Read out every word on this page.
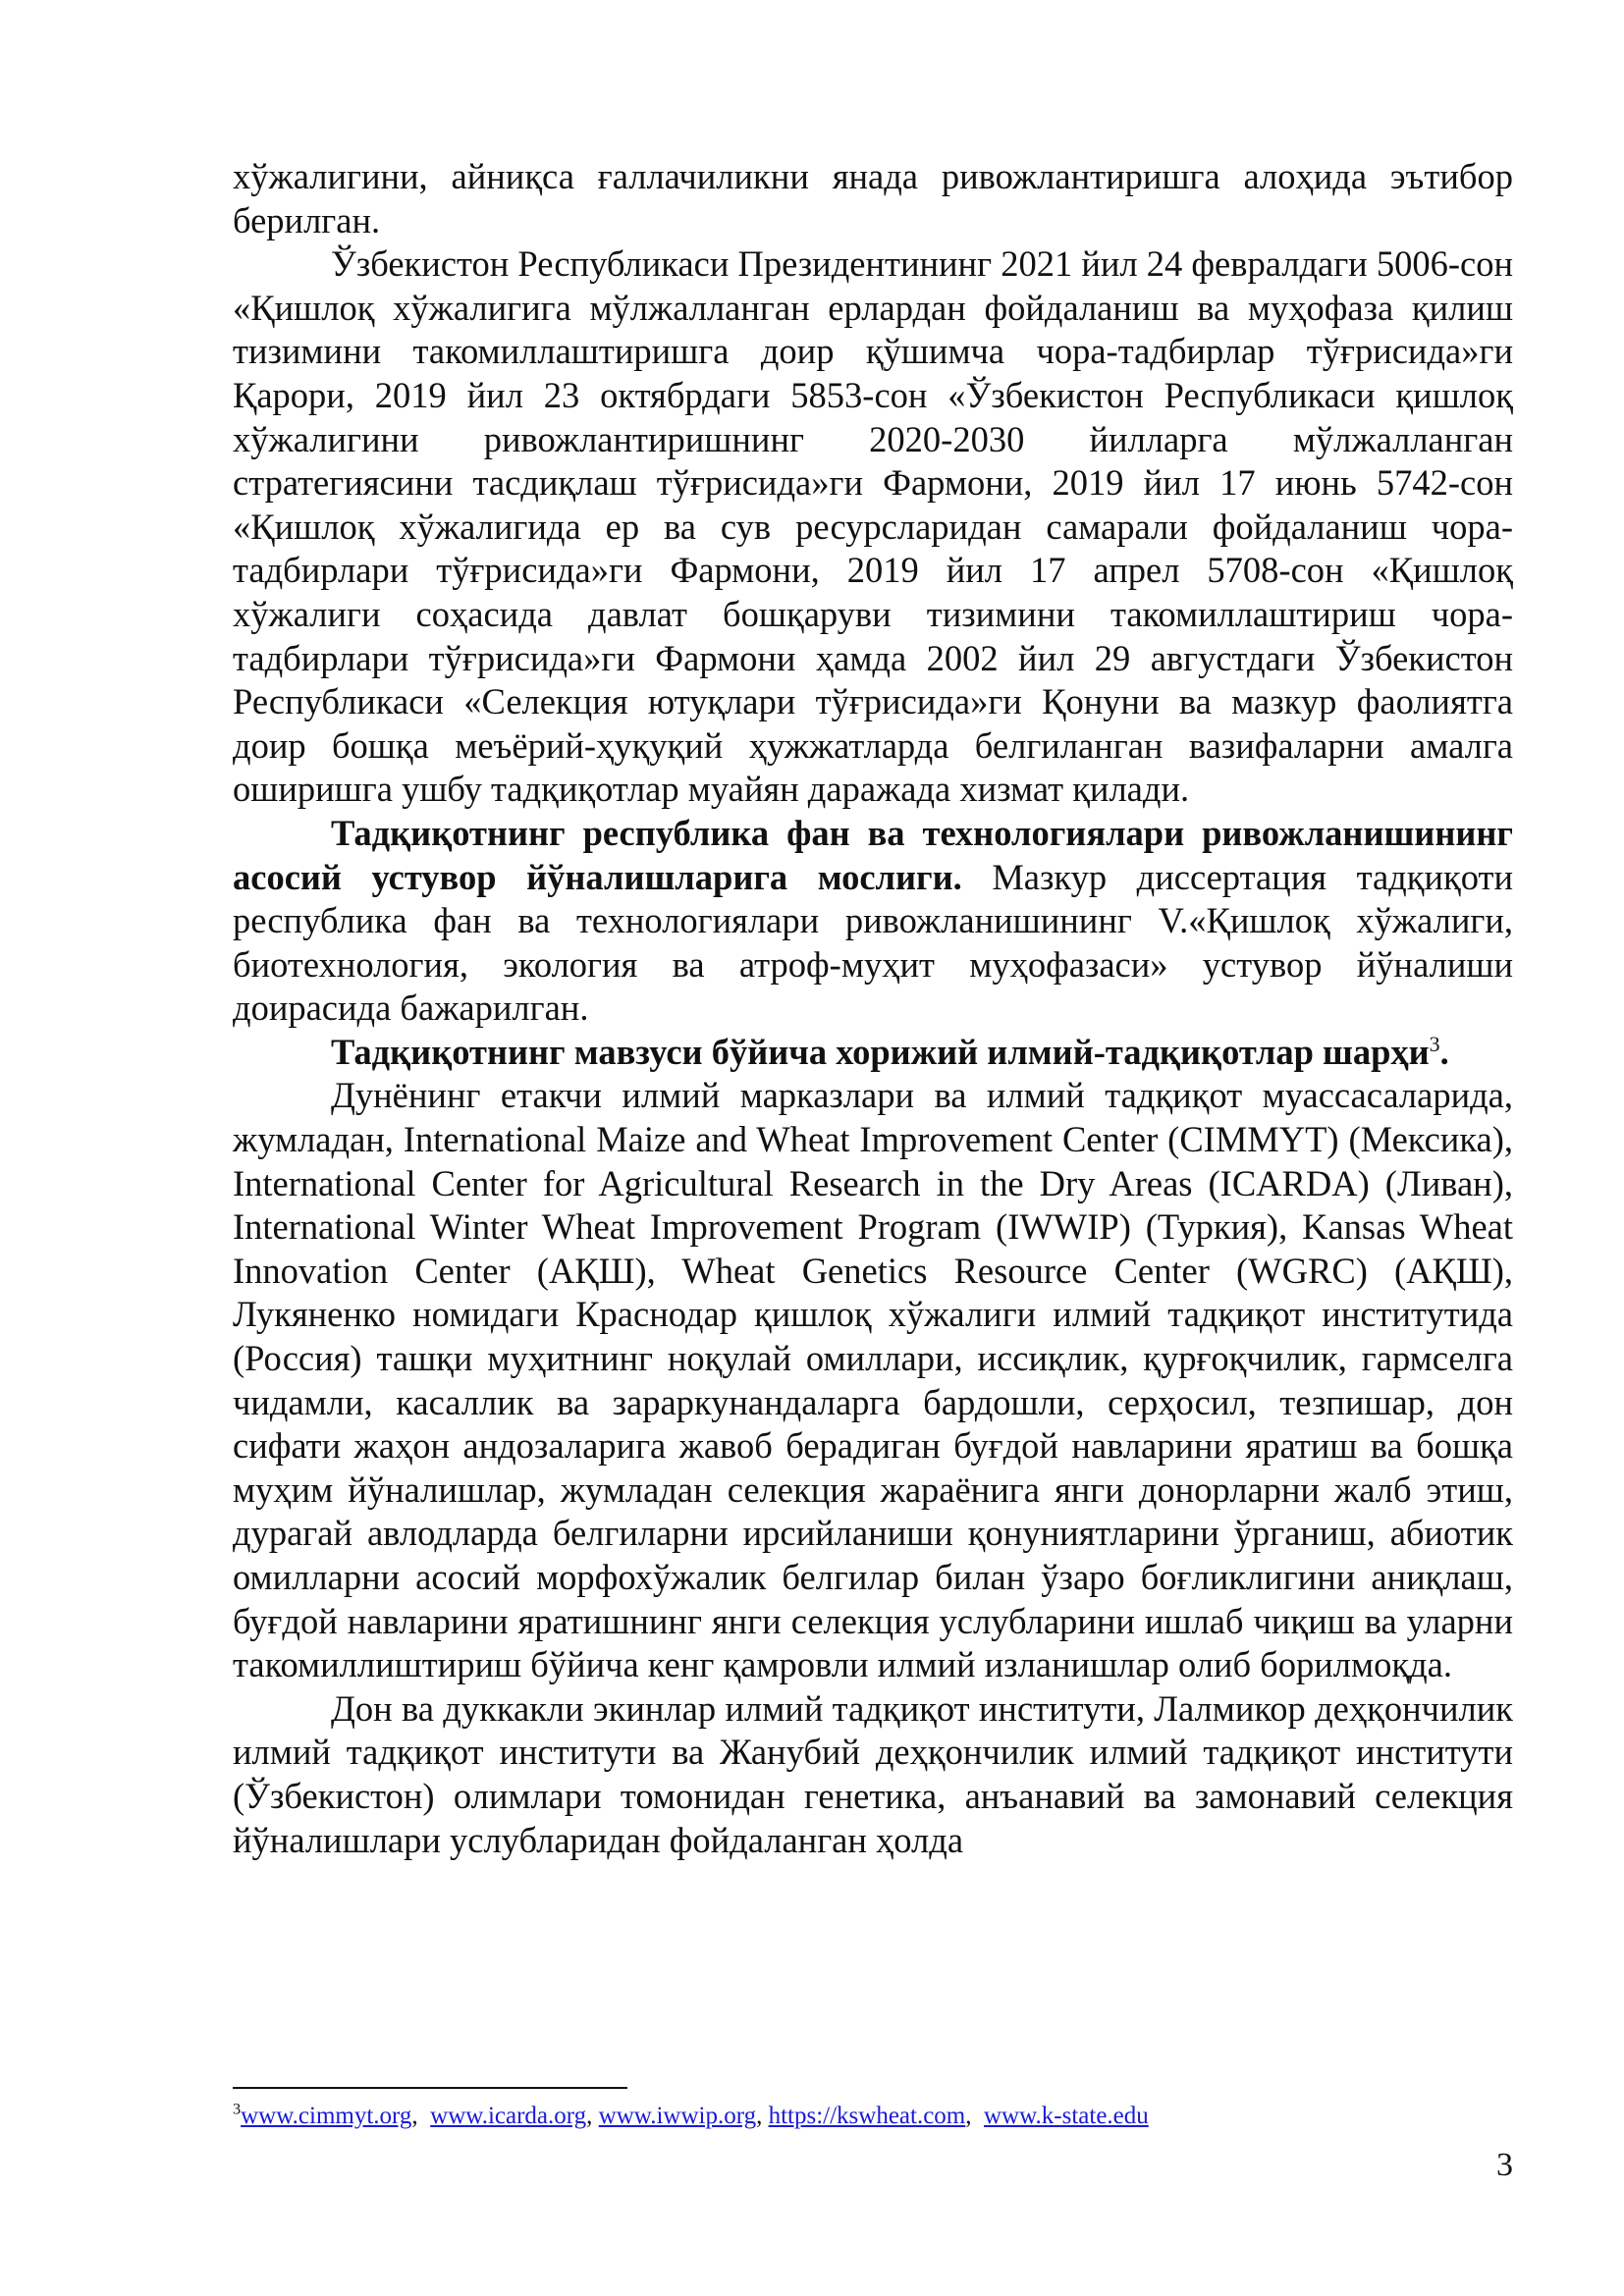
хўжалигини, айниқса ғаллачиликни янада ривожлантиришга алоҳида эътибор берилган.

Ўзбекистон Республикаси Президентининг 2021 йил 24 февралдаги 5006-сон «Қишлоқ хўжалигига мўлжалланган ерлардан фойдаланиш ва муҳофаза қилиш тизимини такомиллаштиришга доир қўшимча чора-тадбирлар тўғрисида»ги Қарори, 2019 йил 23 октябрдаги 5853-сон «Ўзбекистон Республикаси қишлоқ хўжалигини ривожлантиришнинг 2020-2030 йилларга мўлжалланган стратегиясини тасдиқлаш тўғрисида»ги Фармони, 2019 йил 17 июнь 5742-сон «Қишлоқ хўжалигида ер ва сув ресурсларидан самарали фойдаланиш чора-тадбирлари тўғрисида»ги Фармони, 2019 йил 17 апрел 5708-сон «Қишлоқ хўжалиги соҳасида давлат бошқаруви тизимини такомиллаштириш чора-тадбирлари тўғрисида»ги Фармони ҳамда 2002 йил 29 августдаги Ўзбекистон Республикаси «Селекция ютуқлари тўғрисида»ги Қонуни ва мазкур фаолиятга доир бошқа меъёрий-ҳуқуқий ҳужжатларда белгиланган вазифаларни амалга оширишга ушбу тадқиқотлар муайян даражада хизмат қилади.

Тадқиқотнинг республика фан ва технологиялари ривожланишининг асосий устувор йўналишларига мослиги. Мазкур диссертация тадқиқоти республика фан ва технологиялари ривожланишининг V.«Қишлоқ хўжалиги, биотехнология, экология ва атроф-муҳит муҳофазаси» устувор йўналиши доирасида бажарилган.

Тадқиқотнинг мавзуси бўйича хорижий илмий-тадқиқотлар шарҳи$^3$.

Дунёнинг етакчи илмий марказлари ва илмий тадқиқот муассасаларида, жумладан, International Maize and Wheat Improvement Center (CIMMYT) (Мексика), International Center for Agricultural Research in the Dry Areas (ICARDA) (Ливан), International Winter Wheat Improvement Program (IWWIP) (Туркия), Kansas Wheat Innovation Center (АҚШ), Wheat Genetics Resource Center (WGRC) (АҚШ), Лукяненко номидаги Краснодар қишлоқ хўжалиги илмий тадқиқот институтида (Россия) ташқи муҳитнинг ноқулай омиллари, иссиқлик, қурғоқчилик, гармселга чидамли, касаллик ва зараркунандаларга бардошли, серҳосил, тезпишар, дон сифати жаҳон андозаларига жавоб берадиган буғдой навларини яратиш ва бошқа муҳим йўналишлар, жумладан селекция жараёнига янги донорларни жалб этиш, дурагай авлодларда белгиларни ирсийланиши қонуниятларини ўрганиш, абиотик омилларни асосий морфохўжалик белгилар билан ўзаро боғликлигини аниқлаш, буғдой навларини яратишнинг янги селекция услубларини ишлаб чиқиш ва уларни такомиллиштириш бўйича кенг қамровли илмий изланишлар олиб борилмоқда.

Дон ва дуккакли экинлар илмий тадқиқот институти, Лалмикор деҳқончилик илмий тадқиқот институти ва Жанубий деҳқончилик илмий тадқиқот институти (Ўзбекистон) олимлари томонидан генетика, анъанавий ва замонавий селекция йўналишлари услубларидан фойдаланган ҳолда

$^3$www.cimmyt.org,  www.icarda.org, www.iwwip.org, https://kswheat.com,  www.k-state.edu
3
